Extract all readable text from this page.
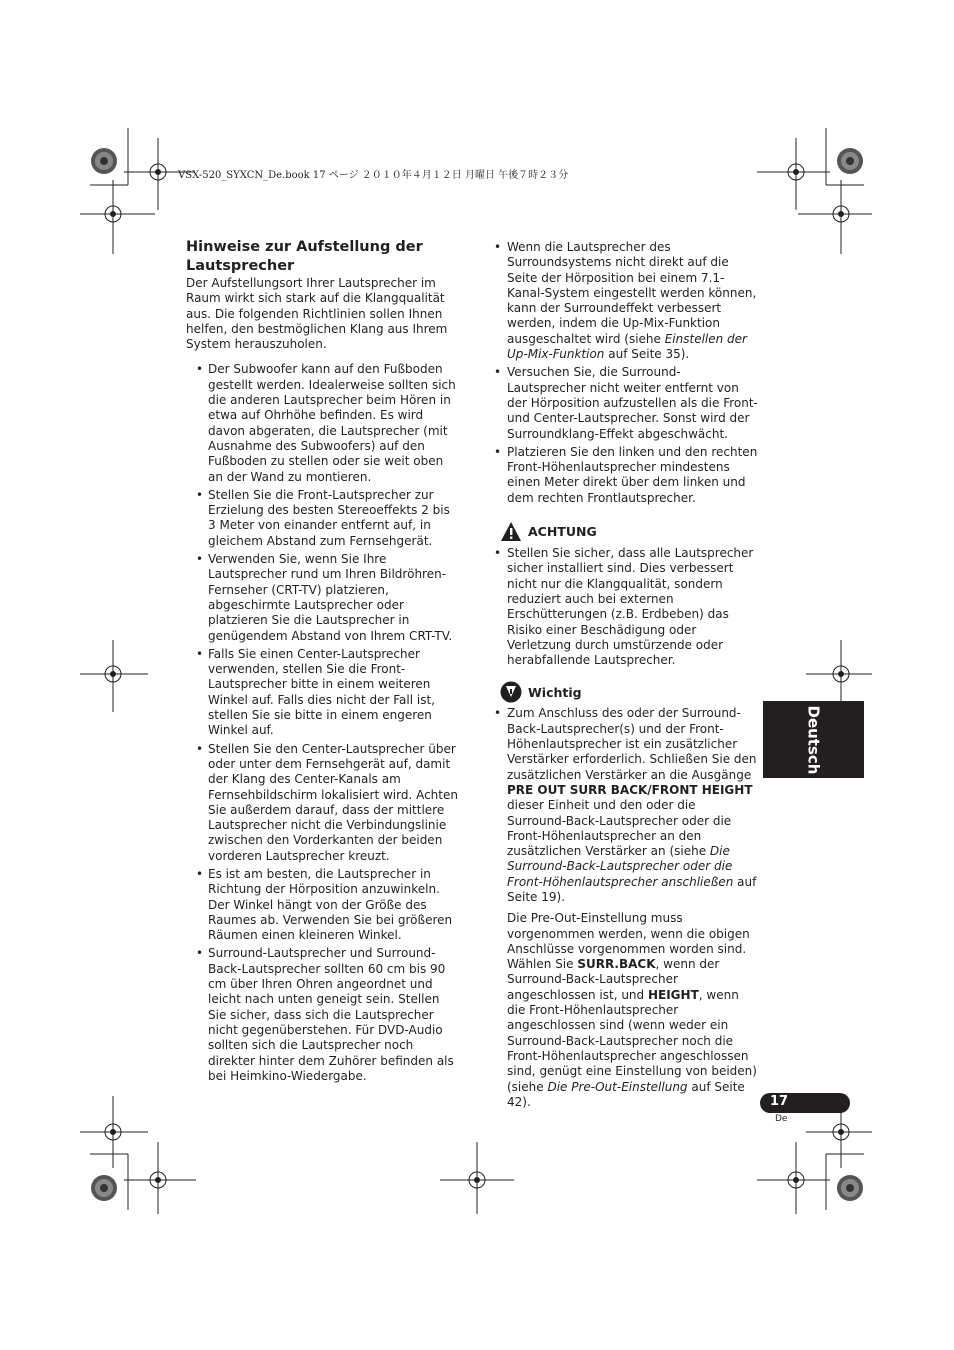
VSX-520_SYXCN_De.book 17 ページ ２０１０年４月１２日 月曜日 午後７時２３分
Hinweise zur Aufstellung der Lautsprecher

Der Aufstellungsort Ihrer Lautsprecher im Raum wirkt sich stark auf die Klangqualität aus. Die folgenden Richtlinien sollen Ihnen helfen, den bestmöglichen Klang aus Ihrem System herauszuholen.

• Der Subwoofer kann auf den Fußboden gestellt werden. Idealerweise sollten sich die anderen Lautsprecher beim Hören in etwa auf Ohrhöhe befinden. Es wird davon abgeraten, die Lautsprecher (mit Ausnahme des Subwoofers) auf den Fußboden zu stellen oder sie weit oben an der Wand zu montieren.
• Stellen Sie die Front-Lautsprecher zur Erzielung des besten Stereoeffekts 2 bis 3 Meter von einander entfernt auf, in gleichem Abstand zum Fernsehgerät.
• Verwenden Sie, wenn Sie Ihre Lautsprecher rund um Ihren Bildröhren-Fernseher (CRT-TV) platzieren, abgeschirmte Lautsprecher oder platzieren Sie die Lautsprecher in genügendem Abstand von Ihrem CRT-TV.
• Falls Sie einen Center-Lautsprecher verwenden, stellen Sie die Front-Lautsprecher bitte in einem weiteren Winkel auf. Falls dies nicht der Fall ist, stellen Sie sie bitte in einem engeren Winkel auf.
• Stellen Sie den Center-Lautsprecher über oder unter dem Fernsehgerät auf, damit der Klang des Center-Kanals am Fernsehbildschirm lokalisiert wird. Achten Sie außerdem darauf, dass der mittlere Lautsprecher nicht die Verbindungslinie zwischen den Vorderkanten der beiden vorderen Lautsprecher kreuzt.
• Es ist am besten, die Lautsprecher in Richtung der Hörposition anzuwinkeln. Der Winkel hängt von der Größe des Raumes ab. Verwenden Sie bei größeren Räumen einen kleineren Winkel.
• Surround-Lautsprecher und Surround-Back-Lautsprecher sollten 60 cm bis 90 cm über Ihren Ohren angeordnet und leicht nach unten geneigt sein. Stellen Sie sicher, dass sich die Lautsprecher nicht gegenüberstehen. Für DVD-Audio sollten sich die Lautsprecher noch direkter hinter dem Zuhörer befinden als bei Heimkino-Wiedergabe.
• Wenn die Lautsprecher des Surroundsystems nicht direkt auf die Seite der Hörposition bei einem 7.1-Kanal-System eingestellt werden können, kann der Surroundeffekt verbessert werden, indem die Up-Mix-Funktion ausgeschaltet wird (siehe Einstellen der Up-Mix-Funktion auf Seite 35).
• Versuchen Sie, die Surround-Lautsprecher nicht weiter entfernt von der Hörposition aufzustellen als die Front- und Center-Lautsprecher. Sonst wird der Surroundklang-Effekt abgeschwächt.
• Platzieren Sie den linken und den rechten Front-Höhenlautsprecher mindestens einen Meter direkt über dem linken und dem rechten Frontlautsprecher.
ACHTUNG
• Stellen Sie sicher, dass alle Lautsprecher sicher installiert sind. Dies verbessert nicht nur die Klangqualität, sondern reduziert auch bei externen Erschütterungen (z.B. Erdbeben) das Risiko einer Beschädigung oder Verletzung durch umstürzende oder herabfallende Lautsprecher.
Wichtig
• Zum Anschluss des oder der Surround-Back-Lautsprecher(s) und der Front-Höhenlautsprecher ist ein zusätzlicher Verstärker erforderlich. Schließen Sie den zusätzlichen Verstärker an die Ausgänge PRE OUT SURR BACK/FRONT HEIGHT dieser Einheit und den oder die Surround-Back-Lautsprecher oder die Front-Höhenlautsprecher an den zusätzlichen Verstärker an (siehe Die Surround-Back-Lautsprecher oder die Front-Höhenlautsprecher anschließen auf Seite 19).

Die Pre-Out-Einstellung muss vorgenommen werden, wenn die obigen Anschlüsse vorgenommen worden sind. Wählen Sie SURR.BACK, wenn der Surround-Back-Lautsprecher angeschlossen ist, und HEIGHT, wenn die Front-Höhenlautsprecher angeschlossen sind (wenn weder ein Surround-Back-Lautsprecher noch die Front-Höhenlautsprecher angeschlossen sind, genügt eine Einstellung von beiden) (siehe Die Pre-Out-Einstellung auf Seite 42).

Deutsch
17
De
